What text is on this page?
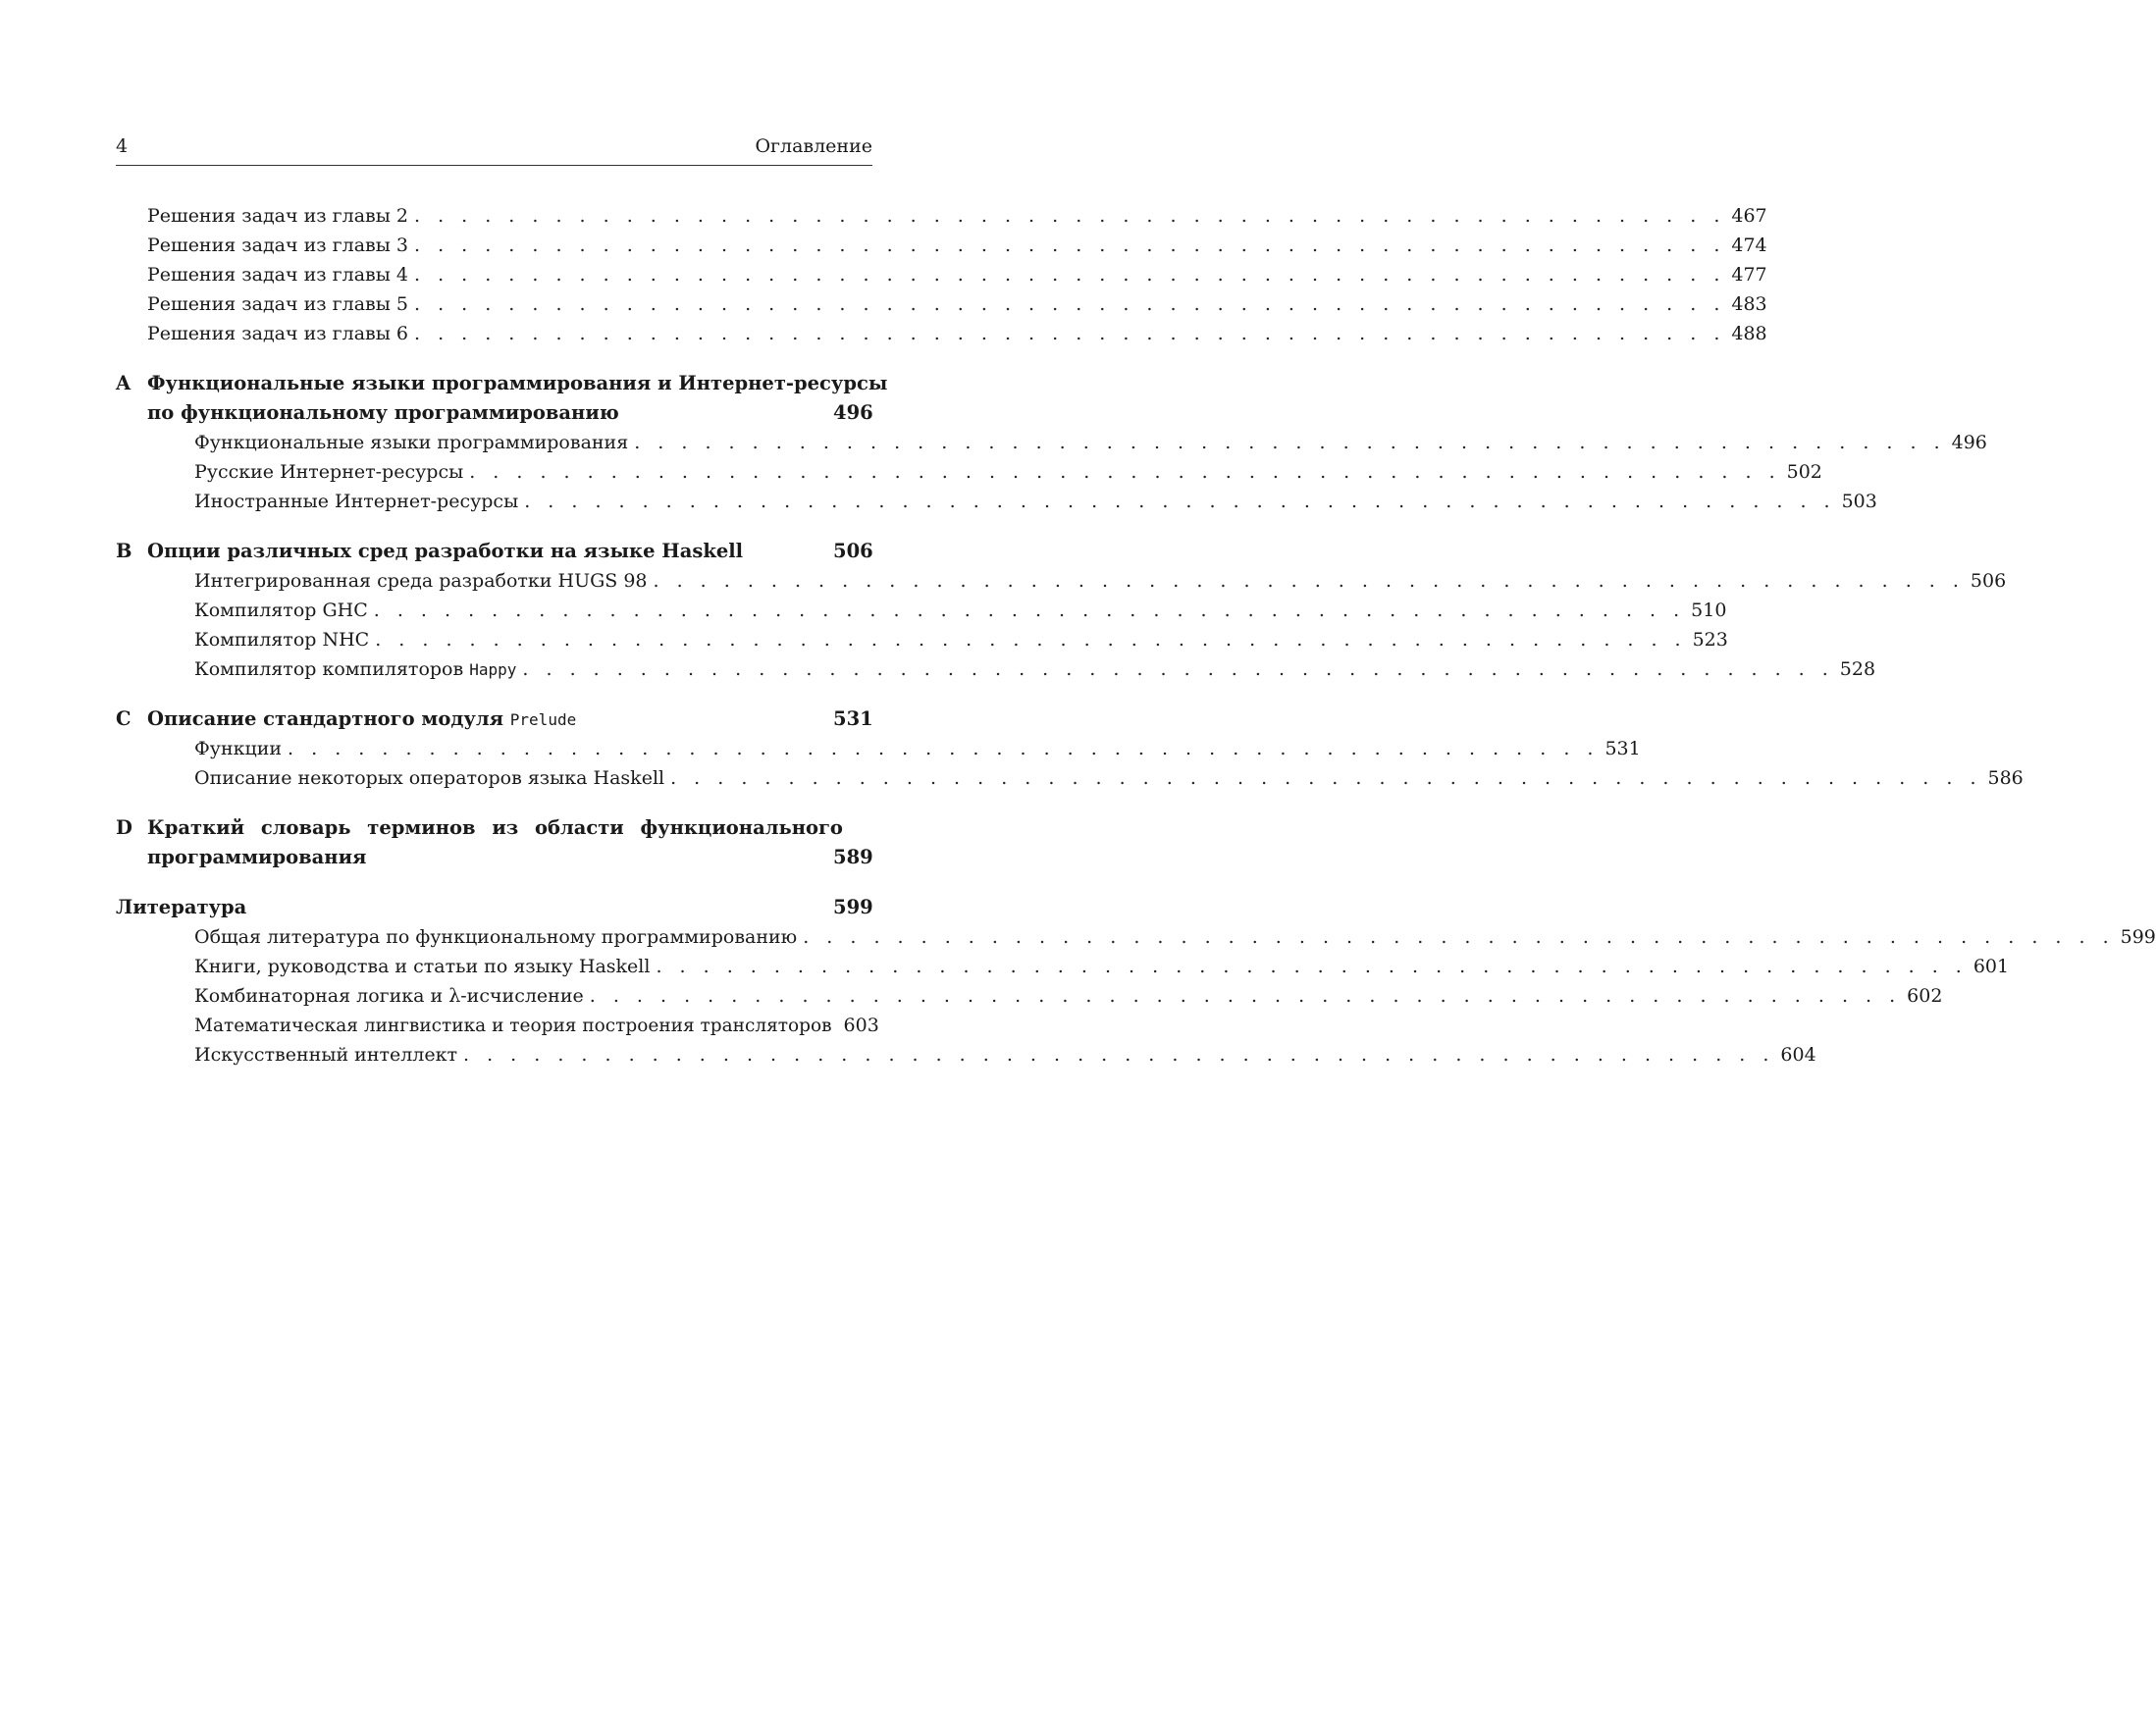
4	Оглавление
Решения задач из главы 2 . . . . . . . . . . . . . . . . . . . . . . . . . . . . . . . . . . . . . . . . . . . . . . . . . . . . . . . . 467
Решения задач из главы 3 . . . . . . . . . . . . . . . . . . . . . . . . . . . . . . . . . . . . . . . . . . . . . . . . . . . . . . . . 474
Решения задач из главы 4 . . . . . . . . . . . . . . . . . . . . . . . . . . . . . . . . . . . . . . . . . . . . . . . . . . . . . . . . 477
Решения задач из главы 5 . . . . . . . . . . . . . . . . . . . . . . . . . . . . . . . . . . . . . . . . . . . . . . . . . . . . . . . . 483
Решения задач из главы 6 . . . . . . . . . . . . . . . . . . . . . . . . . . . . . . . . . . . . . . . . . . . . . . . . . . . . . . . . 488
A Функциональные языки программирования и Интернет-ресурсы
по функциональному программированию	496
Функциональные языки программирования . . . . . . . . . . . . . . . . . . . . . . . . . . . . . . . . . . . . . . . . . . . . . . . . . . . . . . . . 496
Русские Интернет-ресурсы . . . . . . . . . . . . . . . . . . . . . . . . . . . . . . . . . . . . . . . . . . . . . . . . . . . . . . . . 502
Иностранные Интернет-ресурсы . . . . . . . . . . . . . . . . . . . . . . . . . . . . . . . . . . . . . . . . . . . . . . . . . . . . . . . . 503
B Опции различных сред разработки на языке Haskell	506
Интегрированная среда разработки HUGS 98 . . . . . . . . . . . . . . . . . . . . . . . . . . . . . . . . . . . . . . . . . . . . . . . . . . . . . . . . 506
Компилятор GHC . . . . . . . . . . . . . . . . . . . . . . . . . . . . . . . . . . . . . . . . . . . . . . . . . . . . . . . . 510
Компилятор NHC . . . . . . . . . . . . . . . . . . . . . . . . . . . . . . . . . . . . . . . . . . . . . . . . . . . . . . . . 523
Компилятор компиляторов Happy . . . . . . . . . . . . . . . . . . . . . . . . . . . . . . . . . . . . . . . . . . . . . . . . . . . . . . . . 528
C Описание стандартного модуля Prelude	531
Функции . . . . . . . . . . . . . . . . . . . . . . . . . . . . . . . . . . . . . . . . . . . . . . . . . . . . . . . . 531
Описание некоторых операторов языка Haskell . . . . . . . . . . . . . . . . . . . . . . . . . . . . . . . . . . . . . . . . . . . . . . . . . . . . . . . . 586
D Краткий словарь терминов из области функционального
программирования	589
Литература	599
Общая литература по функциональному программированию . . . . . . . . . . . . . . . . . . . . . . . . . . . . . . . . . . . . . . . . . . . . . . . . . . . . . . . . 599
Книги, руководства и статьи по языку Haskell . . . . . . . . . . . . . . . . . . . . . . . . . . . . . . . . . . . . . . . . . . . . . . . . . . . . . . . . 601
Комбинаторная логика и λ-исчисление . . . . . . . . . . . . . . . . . . . . . . . . . . . . . . . . . . . . . . . . . . . . . . . . . . . . . . . . 602
Математическая лингвистика и теория построения трансляторов 603
Искусственный интеллект . . . . . . . . . . . . . . . . . . . . . . . . . . . . . . . . . . . . . . . . . . . . . . . . . . . . . . . . 604
